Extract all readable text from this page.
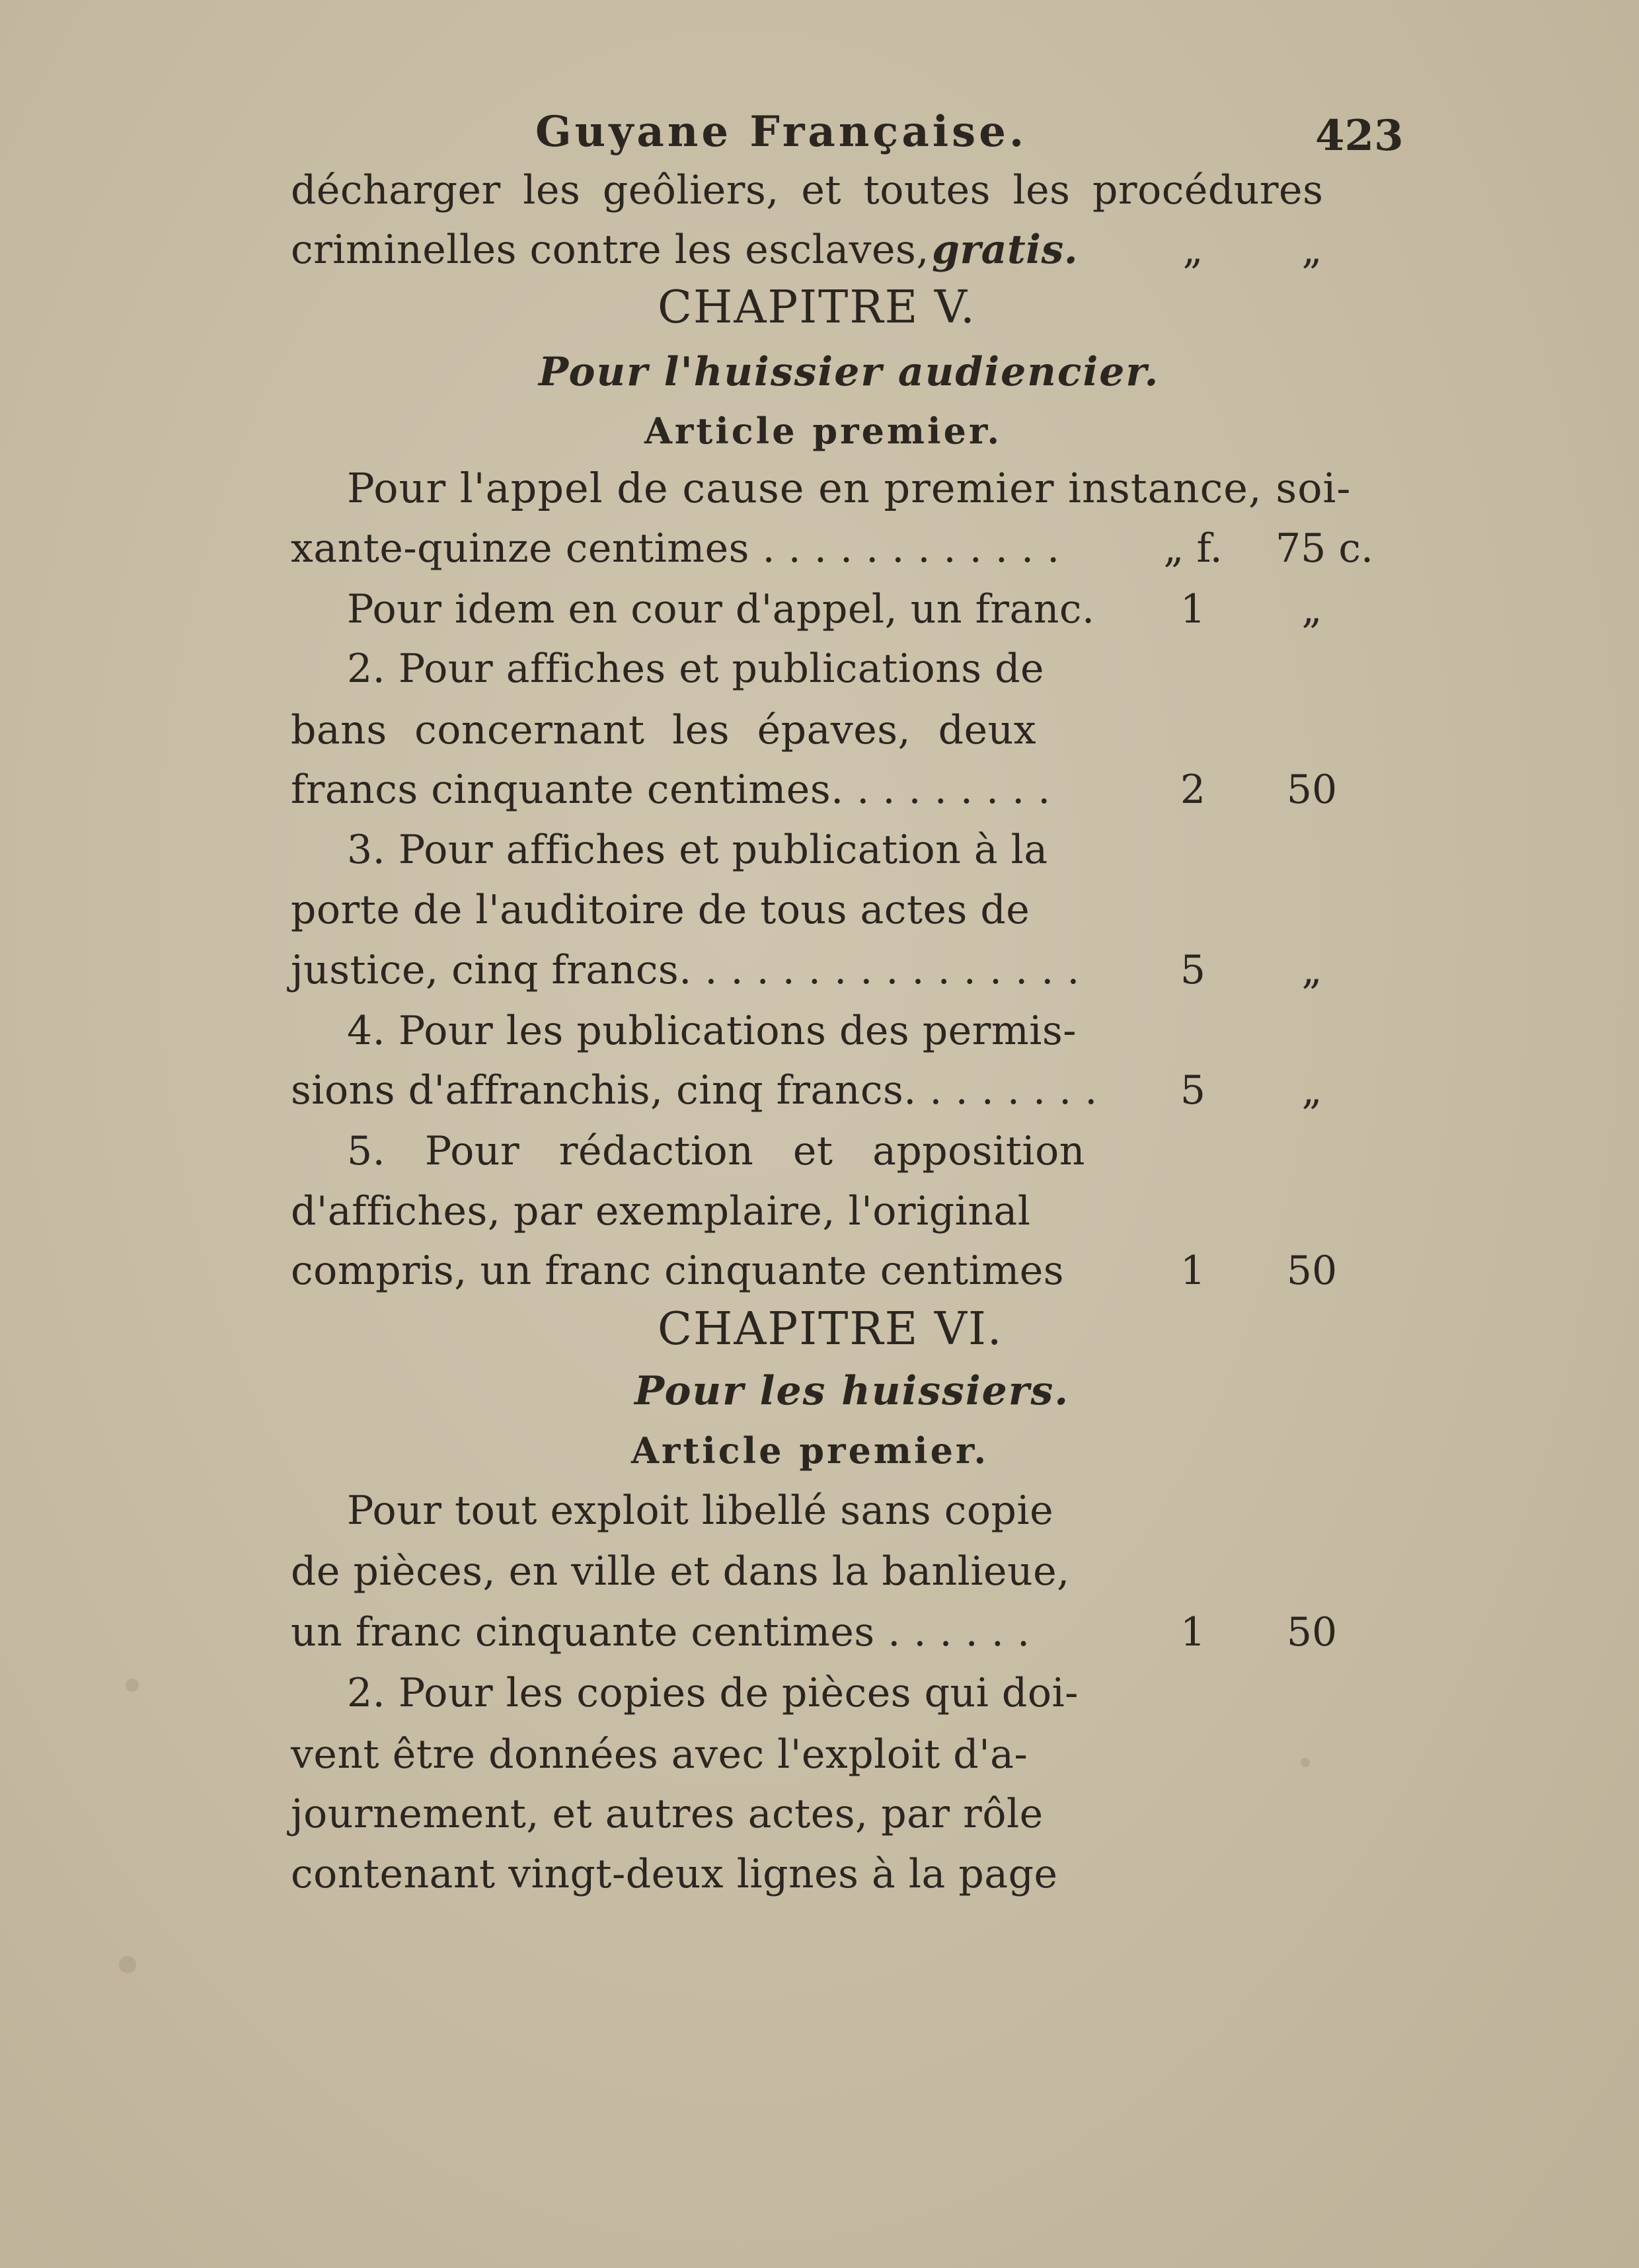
Guyane Française.	423
décharger les geôliers, et toutes les procédures
criminelles contre les esclaves, gratis.	„	„
CHAPITRE V.
Pour l'huissier audiencier.
Article premier.
Pour l'appel de cause en premier instance, soi-
xante-quinze centimes . . . . . . . . . . . .	„ f. 75 c.
Pour idem en cour d'appel, un franc.	1	„
2. Pour affiches et publications de
bans concernant les épaves, deux
francs cinquante centimes. . . . . . . . .	2	50
3. Pour affiches et publication à la
porte de l'auditoire de tous actes de
justice, cinq francs. . . . . . . . . . . . . . . .	5	„
4. Pour les publications des permis-
sions d'affranchis, cinq francs. . . . . . . .	5	„
5. Pour rédaction et apposition
d'affiches, par exemplaire, l'original
compris, un franc cinquante centimes	1	50
CHAPITRE VI.
Pour les huissiers.
Article premier.
Pour tout exploit libellé sans copie
de pièces, en ville et dans la banlieue,
un franc cinquante centimes . . . . . .	1	50
2. Pour les copies de pièces qui doi-
vent être données avec l'exploit d'a-
journement, et autres actes, par rôle
contenant vingt-deux lignes à la page
